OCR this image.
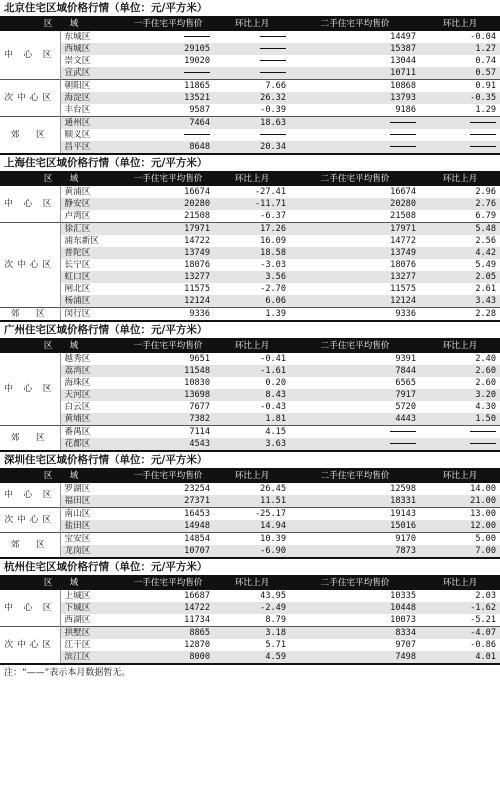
北京住宅区域价格行情（单位：元/平方米）
区　　域		一手住宅平均售价	环比上月	二手住宅平均售价	环比上月
中 心 区	东城区			14497	-0.04
	西城区	29105		15387	1.27
	崇文区	19020		13044	0.74
	宣武区			10711	0.57
次中心区	朝阳区	11865	7.66	10868	0.91
	海淀区	13521	26.32	13793	-0.35
	丰台区	9587	-0.39	9186	1.29
郊　区	通州区	7464	18.63		
	顺义区				
	昌平区	8648	20.34		
上海住宅区域价格行情（单位：元/平方米）
区　　域		一手住宅平均售价	环比上月	二手住宅平均售价	环比上月
中 心 区	黄浦区	16674	-27.41	16674	2.96
	静安区	20280	-11.71	20280	2.76
	卢湾区	21508	-6.37	21508	6.79
次中心区	徐汇区	17971	17.26	17971	5.48
	浦东新区	14722	16.09	14772	2.56
	普陀区	13749	18.58	13749	4.42
	长宁区	18076	-3.03	18076	5.49
	虹口区	13277	3.56	13277	2.05
	闸北区	11575	-2.70	11575	2.61
	杨浦区	12124	6.06	12124	3.43
郊　区	闵行区	9336	1.39	9336	2.28
广州住宅区域价格行情（单位：元/平方米）
区　　域		一手住宅平均售价	环比上月	二手住宅平均售价	环比上月
中 心 区	越秀区	9651	-0.41	9391	2.40
	荔湾区	11548	-1.61	7844	2.60
	海珠区	10830	0.20	6565	2.60
	天河区	13698	8.43	7917	3.20
	白云区	7677	-0.43	5720	4.30
	黄埔区	7382	1.81	4443	1.50
郊　区	番禺区	7114	4.15		
	花都区	4543	3.63		
深圳住宅区域价格行情（单位：元/平方米）
区　　域		一手住宅平均售价	环比上月	二手住宅平均售价	环比上月
中 心 区	罗湖区	23254	26.45	12598	14.00
	福田区	27371	11.51	18331	21.00
次中心区	南山区	16453	-25.17	19143	13.00
	盐田区	14948	14.94	15016	12.00
郊　区	宝安区	14854	10.39	9170	5.00
	龙岗区	10707	-6.90	7873	7.00
杭州住宅区域价格行情（单位：元/平方米）
区　　域		一手住宅平均售价	环比上月	二手住宅平均售价	环比上月
中 心 区	上城区	16687	43.95	10335	2.03
	下城区	14722	-2.49	10448	-1.62
	西湖区	11734	8.79	10073	-5.21
次中心区	拱墅区	8865	3.18	8334	-4.07
	江干区	12870	5.71	9707	-0.86
	滨江区	8000	4.59	7498	4.01
注：“——”表示本月数据暂无。
